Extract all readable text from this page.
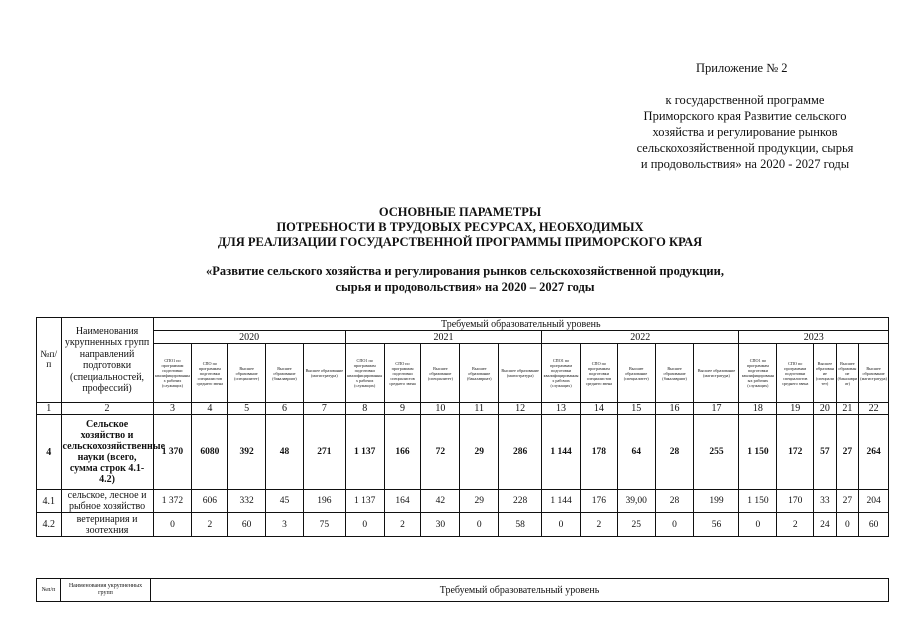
Приложение № 2
к государственной программе
Приморского края Развитие сельского
хозяйства и регулирование рынков
сельскохозяйственной продукции, сырья
и продовольствия» на 2020 - 2027 годы
ОСНОВНЫЕ ПАРАМЕТРЫ
ПОТРЕБНОСТИ В ТРУДОВЫХ РЕСУРСАХ, НЕОБХОДИМЫХ
ДЛЯ РЕАЛИЗАЦИИ ГОСУДАРСТВЕННОЙ ПРОГРАММЫ ПРИМОРСКОГО КРАЯ
«Развитие сельского хозяйства и регулирования рынков сельскохозяйственной продукции,
сырья и продовольствия» на 2020 – 2027 годы
№п/п	Наименования укрупненных групп направлений подготовки (специальностей, профессий)	Требуемый образовательный уровень																			
		2020					2021					2022					2023				
		СПО1 по программам подготовки квалифицированных рабочих (служащих)	СПО по программам подготовки специалистов среднего звена	Высшее образование (специалитет)	Высшее образование (бакалавриат)	Высшее образование (магистратура)	СПО1 по программам подготовки квалифицированных рабочих (служащих)	СПО по программам подготовки специалистов среднего звена	Высшее образование (специалитет)	Высшее образование (бакалавриат)	Высшее образование (магистратура)	СПО1 по программам подготовки квалифицированных рабочих (служащих)	СПО по программам подготовки специалистов среднего звена	Высшее образование (специалитет)	Высшее образование (бакалавриат)	Высшее образование (магистратура)	СПО1 по программам подготовки квалифицированных рабочих (служащих)	СПО по программам подготовки специалистов среднего звена	Высшее образование (специалитет)	Высшее образование (бакалавриат)	Высшее образование (магистратура)
1	2	3	4	5	6	7	8	9	10	11	12	13	14	15	16	17	18	19	20	21	22
4	Сельское хозяйство и сельскохозяйственные науки (всего, сумма строк 4.1-4.2)	1 370	6080	392	48	271	1 137	166	72	29	286	1 144	178	64	28	255	1 150	172	57	27	264
4.1	сельское, лесное и рыбное хозяйство	1 372	606	332	45	196	1 137	164	42	29	228	1 144	176	39,00	28	199	1 150	170	33	27	204
4.2	ветеринария и зоотехния	0	2	60	3	75	0	2	30	0	58	0	2	25	0	56	0	2	24	0	60
№п/п	Наименования укрупненных групп	Требуемый образовательный уровень
